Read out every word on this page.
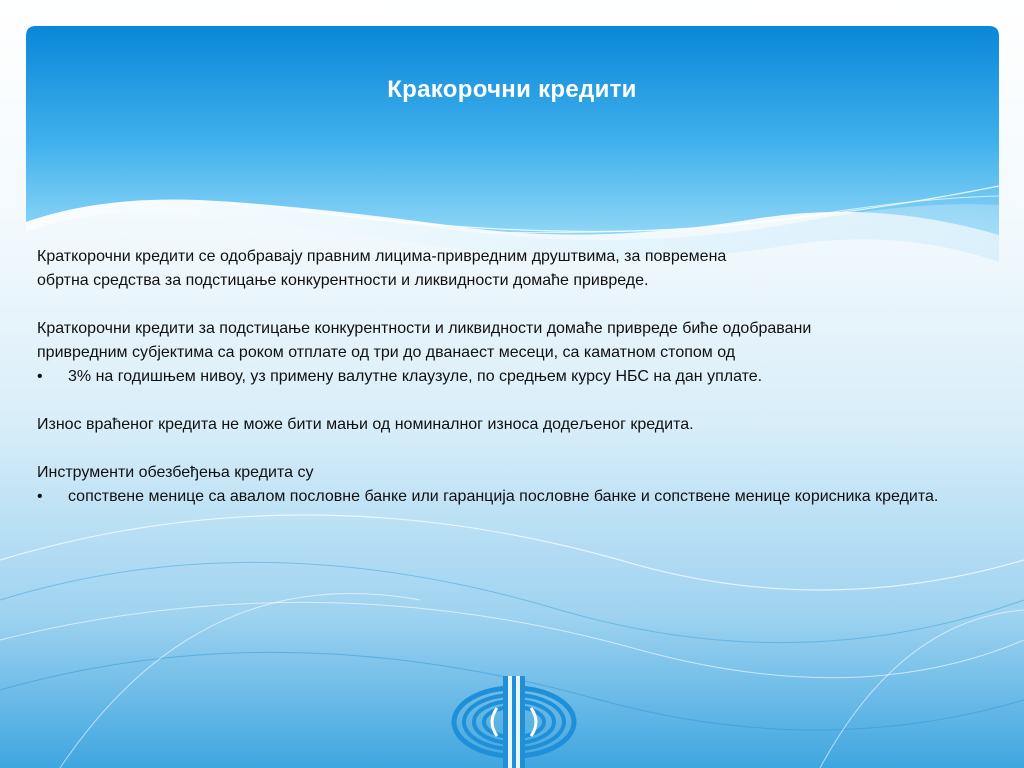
Кракорочни кредити

Краткорочни кредити се одобравају правним лицима-привредним друштвима, за повремена

обртна средства за подстицање конкурентности и ликвидности домаће привреде.

Краткорочни кредити за подстицање конкурентности и ликвидности домаће привреде биће одобравани

привредним субјектима са роком отплате од три до дванаест месеци, са каматном стопом од

• 3% на годишњем нивоу, уз примену валутне клаузуле, по средњем курсу НБС на дан уплате.

Износ враћеног кредита не може бити мањи од номиналног износа додељеног кредита.

Инструменти обезбеђења кредита су

• сопствене менице са авалом пословне банке или гаранција пословне банке и сопствене менице корисника кредита.
